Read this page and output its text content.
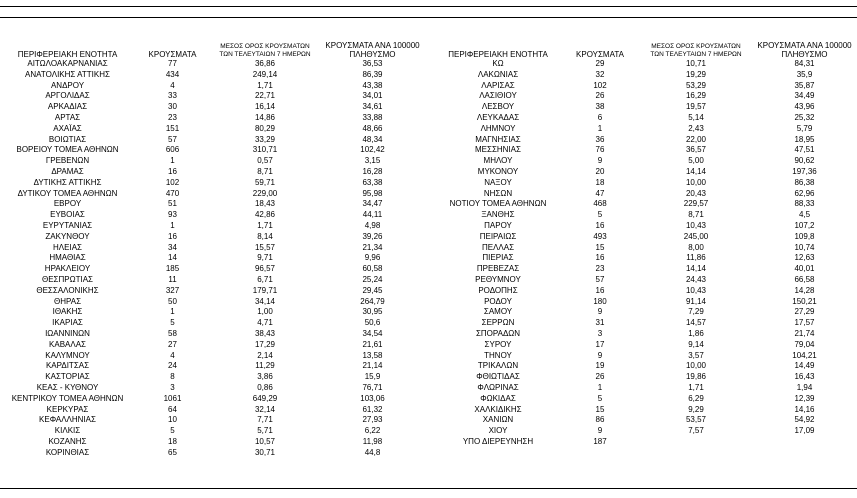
ΠΕΡΙΦΕΡΕΙΑΚΗ ΕΝΟΤΗΤΑ	ΚΡΟΥΣΜΑΤΑ	ΜΕΣΟΣ ΟΡΟΣ ΚΡΟΥΣΜΑΤΩΝ
ΤΩΝ ΤΕΛΕΥΤΑΙΩΝ 7 ΗΜΕΡΩΝ	ΚΡΟΥΣΜΑΤΑ ΑΝΑ 100000
ΠΛΗΘΥΣΜΟ		ΠΕΡΙΦΕΡΕΙΑΚΗ ΕΝΟΤΗΤΑ	ΚΡΟΥΣΜΑΤΑ	ΜΕΣΟΣ ΟΡΟΣ ΚΡΟΥΣΜΑΤΩΝ
ΤΩΝ ΤΕΛΕΥΤΑΙΩΝ 7 ΗΜΕΡΩΝ	ΚΡΟΥΣΜΑΤΑ ΑΝΑ 100000
ΠΛΗΘΥΣΜΟ
ΑΙΤΩΛΟΑΚΑΡΝΑΝΙΑΣ	77	36,86	36,53		ΚΩ	29	10,71	84,31
ΑΝΑΤΟΛΙΚΗΣ ΑΤΤΙΚΗΣ	434	249,14	86,39		ΛΑΚΩΝΙΑΣ	32	19,29	35,9
ΑΝΔΡΟΥ	4	1,71	43,38		ΛΑΡΙΣΑΣ	102	53,29	35,87
ΑΡΓΟΛΙΔΑΣ	33	22,71	34,01		ΛΑΣΙΘΙΟΥ	26	16,29	34,49
ΑΡΚΑΔΙΑΣ	30	16,14	34,61		ΛΕΣΒΟΥ	38	19,57	43,96
ΑΡΤΑΣ	23	14,86	33,88		ΛΕΥΚΑΔΑΣ	6	5,14	25,32
ΑΧΑΪΑΣ	151	80,29	48,66		ΛΗΜΝΟΥ	1	2,43	5,79
ΒΟΙΩΤΙΑΣ	57	33,29	48,34		ΜΑΓΝΗΣΙΑΣ	36	22,00	18,95
ΒΟΡΕΙΟΥ ΤΟΜΕΑ ΑΘΗΝΩΝ	606	310,71	102,42		ΜΕΣΣΗΝΙΑΣ	76	36,57	47,51
ΓΡΕΒΕΝΩΝ	1	0,57	3,15		ΜΗΛΟΥ	9	5,00	90,62
ΔΡΑΜΑΣ	16	8,71	16,28		ΜΥΚΟΝΟΥ	20	14,14	197,36
ΔΥΤΙΚΗΣ ΑΤΤΙΚΗΣ	102	59,71	63,38		ΝΑΞΟΥ	18	10,00	86,38
ΔΥΤΙΚΟΥ ΤΟΜΕΑ ΑΘΗΝΩΝ	470	229,00	95,98		ΝΗΣΩΝ	47	20,43	62,96
ΕΒΡΟΥ	51	18,43	34,47		ΝΟΤΙΟΥ ΤΟΜΕΑ ΑΘΗΝΩΝ	468	229,57	88,33
ΕΥΒΟΙΑΣ	93	42,86	44,11		ΞΑΝΘΗΣ	5	8,71	4,5
ΕΥΡΥΤΑΝΙΑΣ	1	1,71	4,98		ΠΑΡΟΥ	16	10,43	107,2
ΖΑΚΥΝΘΟΥ	16	8,14	39,26		ΠΕΙΡΑΙΩΣ	493	245,00	109,8
ΗΛΕΙΑΣ	34	15,57	21,34		ΠΕΛΛΑΣ	15	8,00	10,74
ΗΜΑΘΙΑΣ	14	9,71	9,96		ΠΙΕΡΙΑΣ	16	11,86	12,63
ΗΡΑΚΛΕΙΟΥ	185	96,57	60,58		ΠΡΕΒΕΖΑΣ	23	14,14	40,01
ΘΕΣΠΡΩΤΙΑΣ	11	6,71	25,24		ΡΕΘΥΜΝΟΥ	57	24,43	66,58
ΘΕΣΣΑΛΟΝΙΚΗΣ	327	179,71	29,45		ΡΟΔΟΠΗΣ	16	10,43	14,28
ΘΗΡΑΣ	50	34,14	264,79		ΡΟΔΟΥ	180	91,14	150,21
ΙΘΑΚΗΣ	1	1,00	30,95		ΣΑΜΟΥ	9	7,29	27,29
ΙΚΑΡΙΑΣ	5	4,71	50,6		ΣΕΡΡΩΝ	31	14,57	17,57
ΙΩΑΝΝΙΝΩΝ	58	38,43	34,54		ΣΠΟΡΑΔΩΝ	3	1,86	21,74
ΚΑΒΑΛΑΣ	27	17,29	21,61		ΣΥΡΟΥ	17	9,14	79,04
ΚΑΛΥΜΝΟΥ	4	2,14	13,58		ΤΗΝΟΥ	9	3,57	104,21
ΚΑΡΔΙΤΣΑΣ	24	11,29	21,14		ΤΡΙΚΑΛΩΝ	19	10,00	14,49
ΚΑΣΤΟΡΙΑΣ	8	3,86	15,9		ΦΘΙΩΤΙΔΑΣ	26	19,86	16,43
ΚΕΑΣ - ΚΥΘΝΟΥ	3	0,86	76,71		ΦΛΩΡΙΝΑΣ	1	1,71	1,94
ΚΕΝΤΡΙΚΟΥ ΤΟΜΕΑ ΑΘΗΝΩΝ	1061	649,29	103,06		ΦΩΚΙΔΑΣ	5	6,29	12,39
ΚΕΡΚΥΡΑΣ	64	32,14	61,32		ΧΑΛΚΙΔΙΚΗΣ	15	9,29	14,16
ΚΕΦΑΛΛΗΝΙΑΣ	10	7,71	27,93		ΧΑΝΙΩΝ	86	53,57	54,92
ΚΙΛΚΙΣ	5	5,71	6,22		ΧΙΟΥ	9	7,57	17,09
ΚΟΖΑΝΗΣ	18	10,57	11,98		ΥΠΟ ΔΙΕΡΕΥΝΗΣΗ	187		
ΚΟΡΙΝΘΙΑΣ	65	30,71	44,8					
